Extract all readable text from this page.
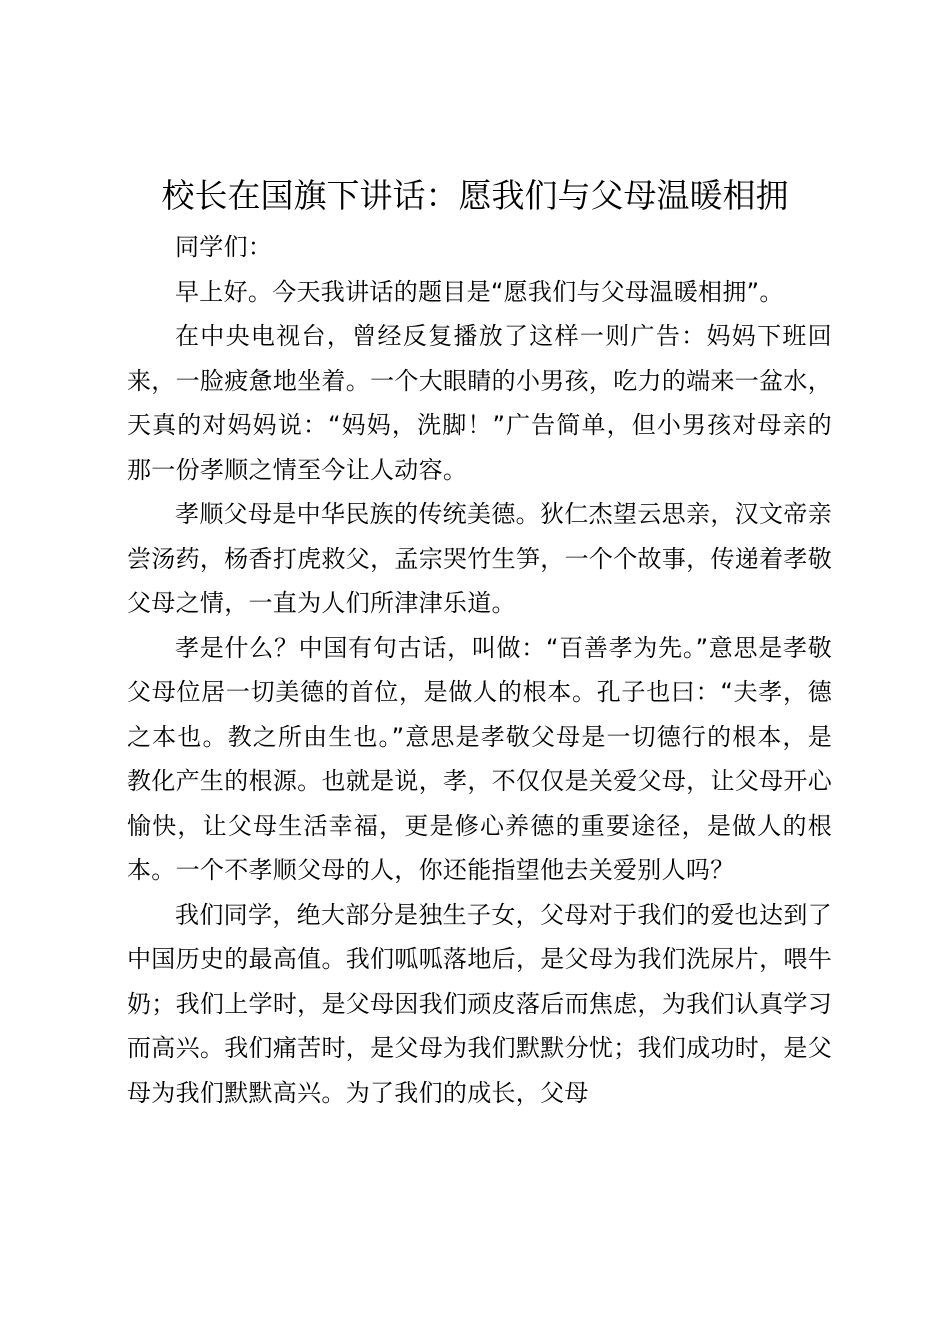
校长在国旗下讲话：愿我们与父母温暖相拥

同学们：

早上好。今天我讲话的题目是“愿我们与父母温暖相拥”。

在中央电视台，曾经反复播放了这样一则广告：妈妈下班回来，一脸疲惫地坐着。一个大眼睛的小男孩，吃力的端来一盆水，天真的对妈妈说：“妈妈，洗脚！”广告简单，但小男孩对母亲的那一份孝顺之情至今让人动容。

孝顺父母是中华民族的传统美德。狄仁杰望云思亲，汉文帝亲尝汤药，杨香打虎救父，孟宗哭竹生笋，一个个故事，传递着孝敬父母之情，一直为人们所津津乐道。

孝是什么？中国有句古话，叫做：“百善孝为先。”意思是孝敬父母位居一切美德的首位，是做人的根本。孔子也曰：“夫孝，德之本也。教之所由生也。”意思是孝敬父母是一切德行的根本，是教化产生的根源。也就是说，孝，不仅仅是关爱父母，让父母开心愉快，让父母生活幸福，更是修心养德的重要途径，是做人的根本。一个不孝顺父母的人，你还能指望他去关爱别人吗？

我们同学，绝大部分是独生子女，父母对于我们的爱也达到了中国历史的最高值。我们呱呱落地后，是父母为我们洗尿片，喂牛奶；我们上学时，是父母因我们顽皮落后而焦虑，为我们认真学习而高兴。我们痛苦时，是父母为我们默默分忧；我们成功时，是父母为我们默默高兴。为了我们的成长，父母
